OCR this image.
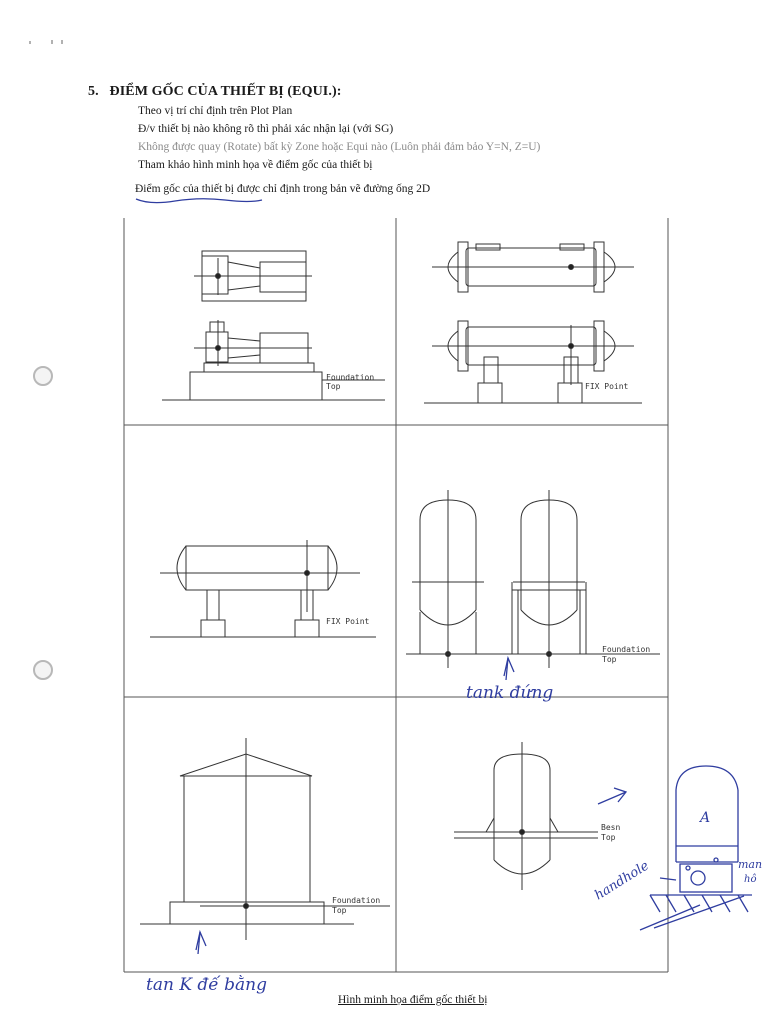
5. ĐIỂM GỐC CỦA THIẾT BỊ (EQUI.):
Theo vị trí chỉ định trên Plot Plan
Đ/v thiết bị nào không rõ thì phải xác nhận lại (với SG)
Không được quay (Rotate) bất kỳ Zone hoặc Equi nào (Luôn phải đảm bảo Y=N, Z=U)
Tham khảo hình minh họa về điểm gốc của thiết bị
Điểm gốc của thiết bị được chỉ định trong bản vẽ đường ống 2D
Foundation
Top	FIX Point
FIX Point
Foundation
Top
Foundation
Top
Besn
Top
tank đứng
tan K đế bằng
A
handhole	man
hô
Hình minh họa điểm gốc thiết bị
